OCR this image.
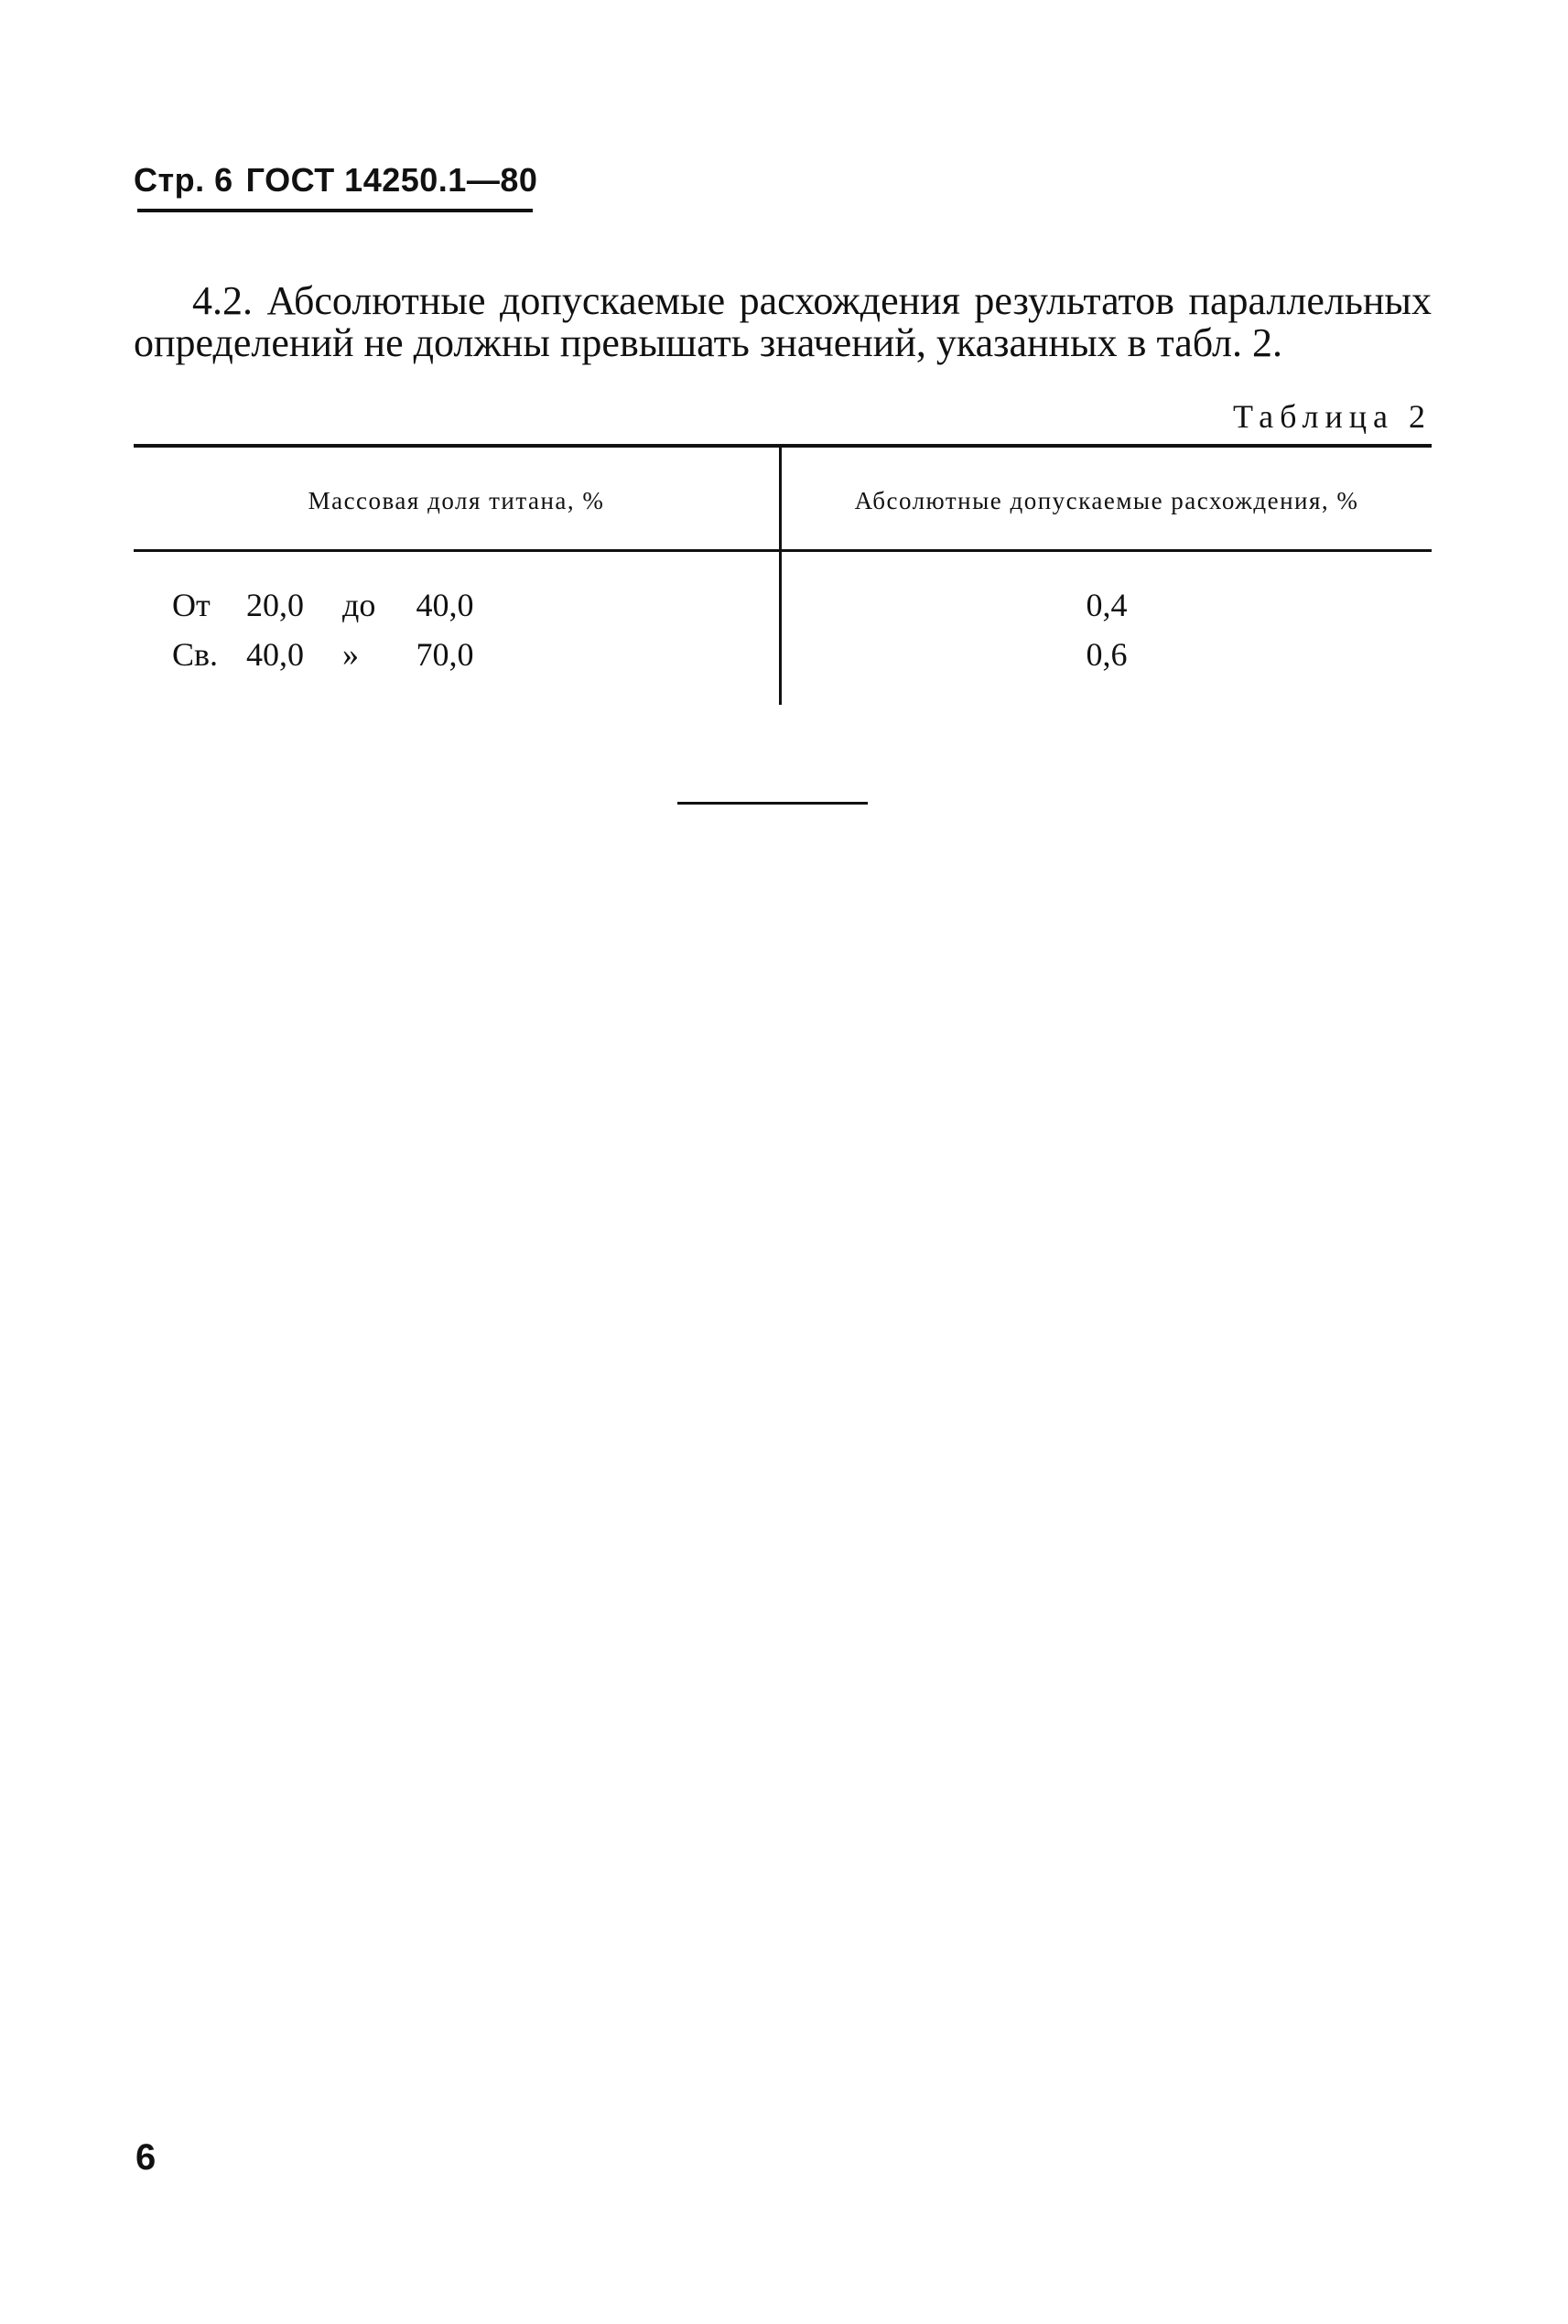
Стр. 6 ГОСТ 14250.1—80

4.2. Абсолютные допускаемые расхождения результатов параллельных определений не должны превышать значений, указанных в табл. 2.

Таблица 2
Массовая доля титана, %	Абсолютные допускаемые расхождения, %
От	20,0	до	40,0	0,4
Св. 40,0	»	70,0	0,6
6
